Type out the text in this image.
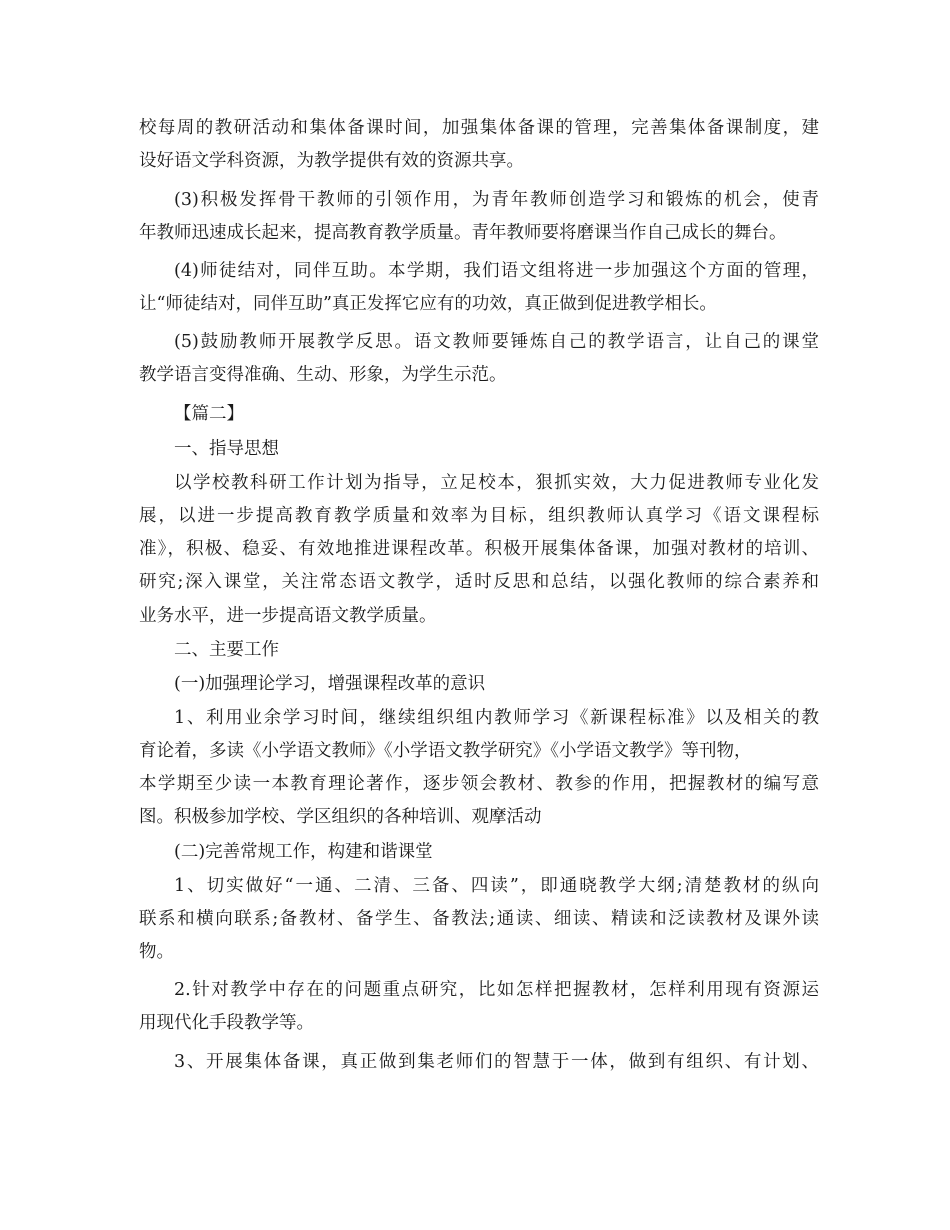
校每周的教研活动和集体备课时间，加强集体备课的管理，完善集体备课制度，建
设好语文学科资源，为教学提供有效的资源共享。
(3)积极发挥骨干教师的引领作用，为青年教师创造学习和锻炼的机会，使青
年教师迅速成长起来，提高教育教学质量。青年教师要将磨课当作自己成长的舞台。
(4)师徒结对，同伴互助。本学期，我们语文组将进一步加强这个方面的管理，
让“师徒结对，同伴互助”真正发挥它应有的功效，真正做到促进教学相长。
(5)鼓励教师开展教学反思。语文教师要锤炼自己的教学语言，让自己的课堂
教学语言变得准确、生动、形象，为学生示范。
【篇二】
一、指导思想
以学校教科研工作计划为指导，立足校本，狠抓实效，大力促进教师专业化发
展，以进一步提高教育教学质量和效率为目标，组织教师认真学习《语文课程标
准》，积极、稳妥、有效地推进课程改革。积极开展集体备课，加强对教材的培训、
研究;深入课堂，关注常态语文教学，适时反思和总结，以强化教师的综合素养和
业务水平，进一步提高语文教学质量。
二、主要工作
(一)加强理论学习，增强课程改革的意识
1、利用业余学习时间，继续组织组内教师学习《新课程标准》以及相关的教
育论着，多读《小学语文教师》《小学语文教学研究》《小学语文教学》等刊物，
本学期至少读一本教育理论著作，逐步领会教材、教参的作用，把握教材的编写意
图。积极参加学校、学区组织的各种培训、观摩活动
(二)完善常规工作，构建和谐课堂
1、切实做好“一通、二清、三备、四读”，即通晓教学大纲;清楚教材的纵向
联系和横向联系;备教材、备学生、备教法;通读、细读、精读和泛读教材及课外读
物。
2.针对教学中存在的问题重点研究，比如怎样把握教材，怎样利用现有资源运
用现代化手段教学等。
3、开展集体备课，真正做到集老师们的智慧于一体，做到有组织、有计划、
